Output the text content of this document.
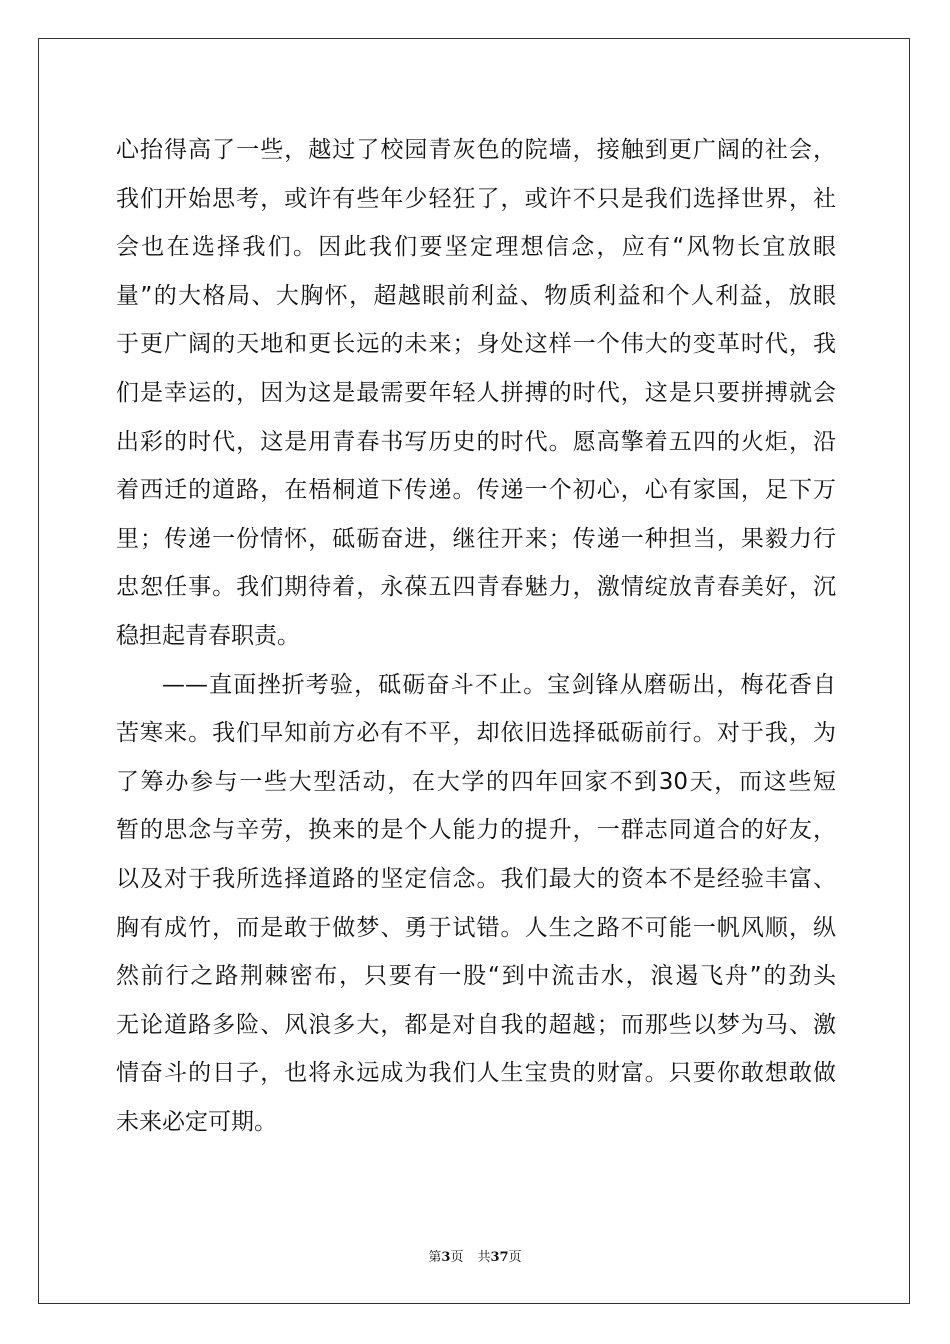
心抬得高了一些，越过了校园青灰色的院墙，接触到更广阔的社会，
我们开始思考，或许有些年少轻狂了，或许不只是我们选择世界，社
会也在选择我们。因此我们要坚定理想信念，应有“风物长宜放眼
量”的大格局、大胸怀，超越眼前利益、物质利益和个人利益，放眼
于更广阔的天地和更长远的未来；身处这样一个伟大的变革时代，我
们是幸运的，因为这是最需要年轻人拼搏的时代，这是只要拼搏就会
出彩的时代，这是用青春书写历史的时代。愿高擎着五四的火炬，沿
着西迁的道路，在梧桐道下传递。传递一个初心，心有家国，足下万
里；传递一份情怀，砥砺奋进，继往开来；传递一种担当，果毅力行
忠恕任事。我们期待着，永葆五四青春魅力，激情绽放青春美好，沉
稳担起青春职责。
——直面挫折考验，砥砺奋斗不止。宝剑锋从磨砺出，梅花香自
苦寒来。我们早知前方必有不平，却依旧选择砥砺前行。对于我，为
了筹办参与一些大型活动，在大学的四年回家不到30天，而这些短
暂的思念与辛劳，换来的是个人能力的提升，一群志同道合的好友，
以及对于我所选择道路的坚定信念。我们最大的资本不是经验丰富、
胸有成竹，而是敢于做梦、勇于试错。人生之路不可能一帆风顺，纵
然前行之路荆棘密布，只要有一股“到中流击水，浪遏飞舟”的劲头
无论道路多险、风浪多大，都是对自我的超越；而那些以梦为马、激
情奋斗的日子，也将永远成为我们人生宝贵的财富。只要你敢想敢做
未来必定可期。
第3页 共37页
